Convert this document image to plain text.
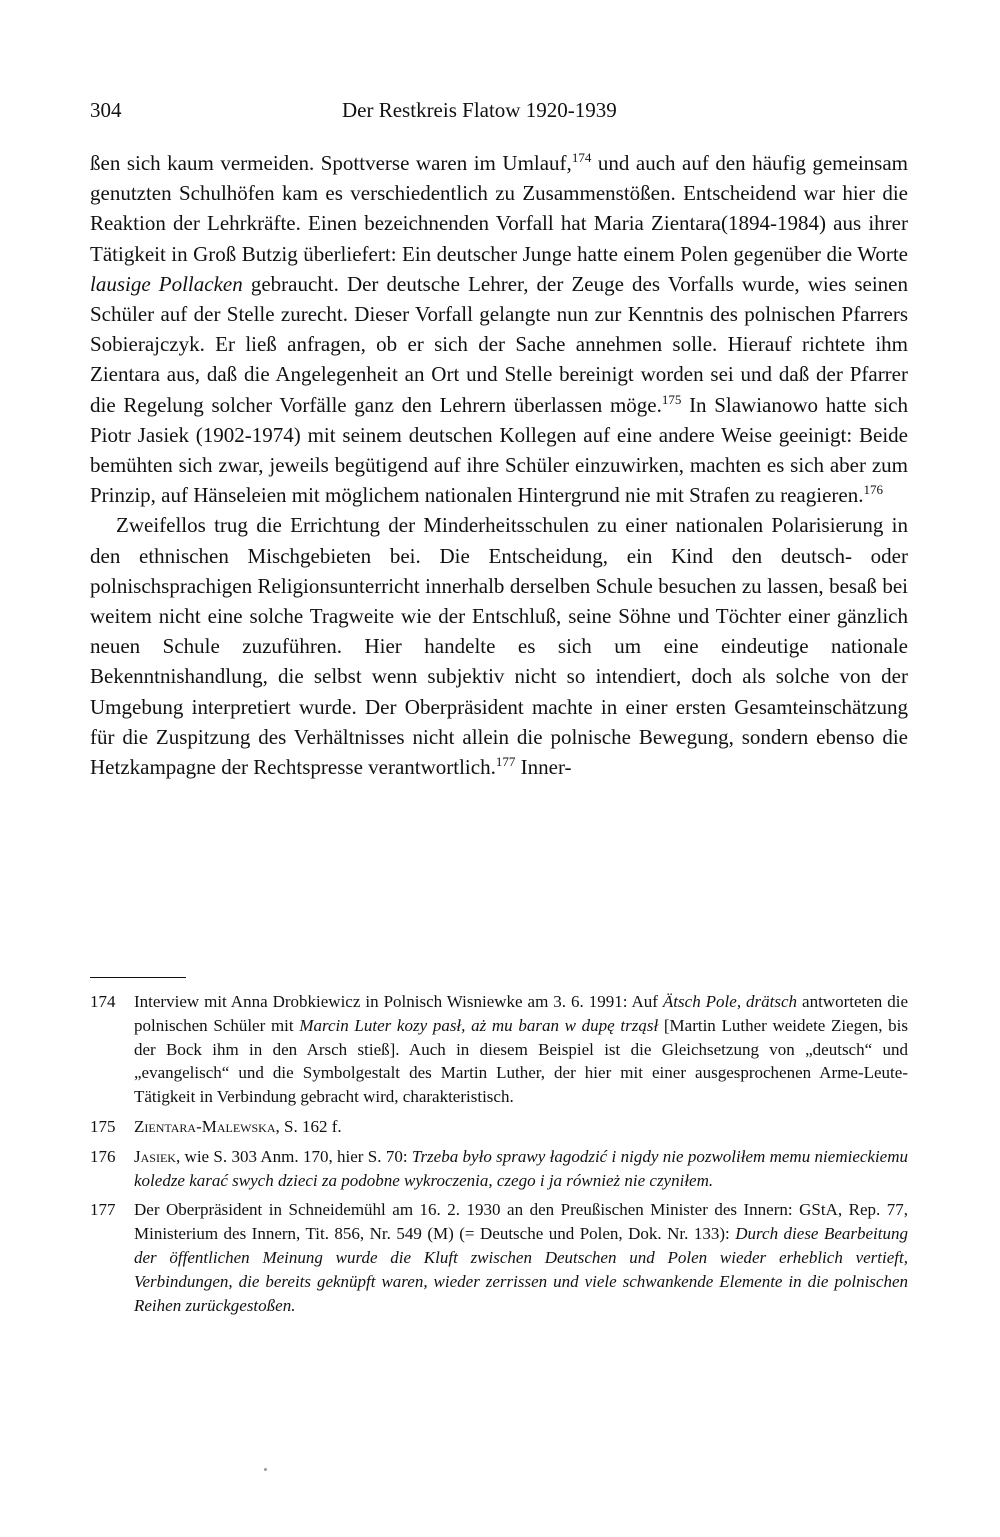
304	Der Restkreis Flatow 1920-1939

ßen sich kaum vermeiden. Spottverse waren im Umlauf,$^{174}$ und auch auf den häufig gemeinsam genutzten Schulhöfen kam es verschiedentlich zu Zusammenstößen. Entscheidend war hier die Reaktion der Lehrkräfte. Einen bezeichnenden Vorfall hat Maria Zientara(1894-1984) aus ihrer Tätigkeit in Groß Butzig überliefert: Ein deutscher Junge hatte einem Polen gegenüber die Worte lausige Pollacken gebraucht. Der deutsche Lehrer, der Zeuge des Vorfalls wurde, wies seinen Schüler auf der Stelle zurecht. Dieser Vorfall gelangte nun zur Kenntnis des polnischen Pfarrers Sobierajczyk. Er ließ anfragen, ob er sich der Sache annehmen solle. Hierauf richtete ihm Zientara aus, daß die Angelegenheit an Ort und Stelle bereinigt worden sei und daß der Pfarrer die Regelung solcher Vorfälle ganz den Lehrern überlassen möge.$^{175}$ In Slawianowo hatte sich Piotr Jasiek (1902-1974) mit seinem deutschen Kollegen auf eine andere Weise geeinigt: Beide bemühten sich zwar, jeweils begütigend auf ihre Schüler einzuwirken, machten es sich aber zum Prinzip, auf Hänseleien mit möglichem nationalen Hintergrund nie mit Strafen zu reagieren.$^{176}$

Zweifellos trug die Errichtung der Minderheitsschulen zu einer nationalen Polarisierung in den ethnischen Mischgebieten bei. Die Entscheidung, ein Kind den deutsch- oder polnischsprachigen Religionsunterricht innerhalb derselben Schule besuchen zu lassen, besaß bei weitem nicht eine solche Tragweite wie der Entschluß, seine Söhne und Töchter einer gänzlich neuen Schule zuzuführen. Hier handelte es sich um eine eindeutige nationale Bekenntnishandlung, die selbst wenn subjektiv nicht so intendiert, doch als solche von der Umgebung interpretiert wurde. Der Oberpräsident machte in einer ersten Gesamteinschätzung für die Zuspitzung des Verhältnisses nicht allein die polnische Bewegung, sondern ebenso die Hetzkampagne der Rechtspresse verantwortlich.$^{177}$ Inner-

174	Interview mit Anna Drobkiewicz in Polnisch Wisniewke am 3. 6. 1991: Auf Ätsch Pole, drätsch antworteten die polnischen Schüler mit Marcin Luter kozy pasł, aż mu baran w dupę trząsł [Martin Luther weidete Ziegen, bis der Bock ihm in den Arsch stieß]. Auch in diesem Beispiel ist die Gleichsetzung von „deutsch“ und „evangelisch“ und die Symbolgestalt des Martin Luther, der hier mit einer ausgesprochenen Arme-Leute-Tätigkeit in Verbindung gebracht wird, charakteristisch.
175	Zientara-Malewska, S. 162 f.
176	Jasiek, wie S. 303 Anm. 170, hier S. 70: Trzeba było sprawy łagodzić i nigdy nie pozwoliłem memu niemieckiemu koledze karać swych dzieci za podobne wykroczenia, czego i ja również nie czyniłem.
177	Der Oberpräsident in Schneidemühl am 16. 2. 1930 an den Preußischen Minister des Innern: GStA, Rep. 77, Ministerium des Innern, Tit. 856, Nr. 549 (M) (= Deutsche und Polen, Dok. Nr. 133): Durch diese Bearbeitung der öffentlichen Meinung wurde die Kluft zwischen Deutschen und Polen wieder erheblich vertieft, Verbindungen, die bereits geknüpft waren, wieder zerrissen und viele schwankende Elemente in die polnischen Reihen zurückgestoßen.
